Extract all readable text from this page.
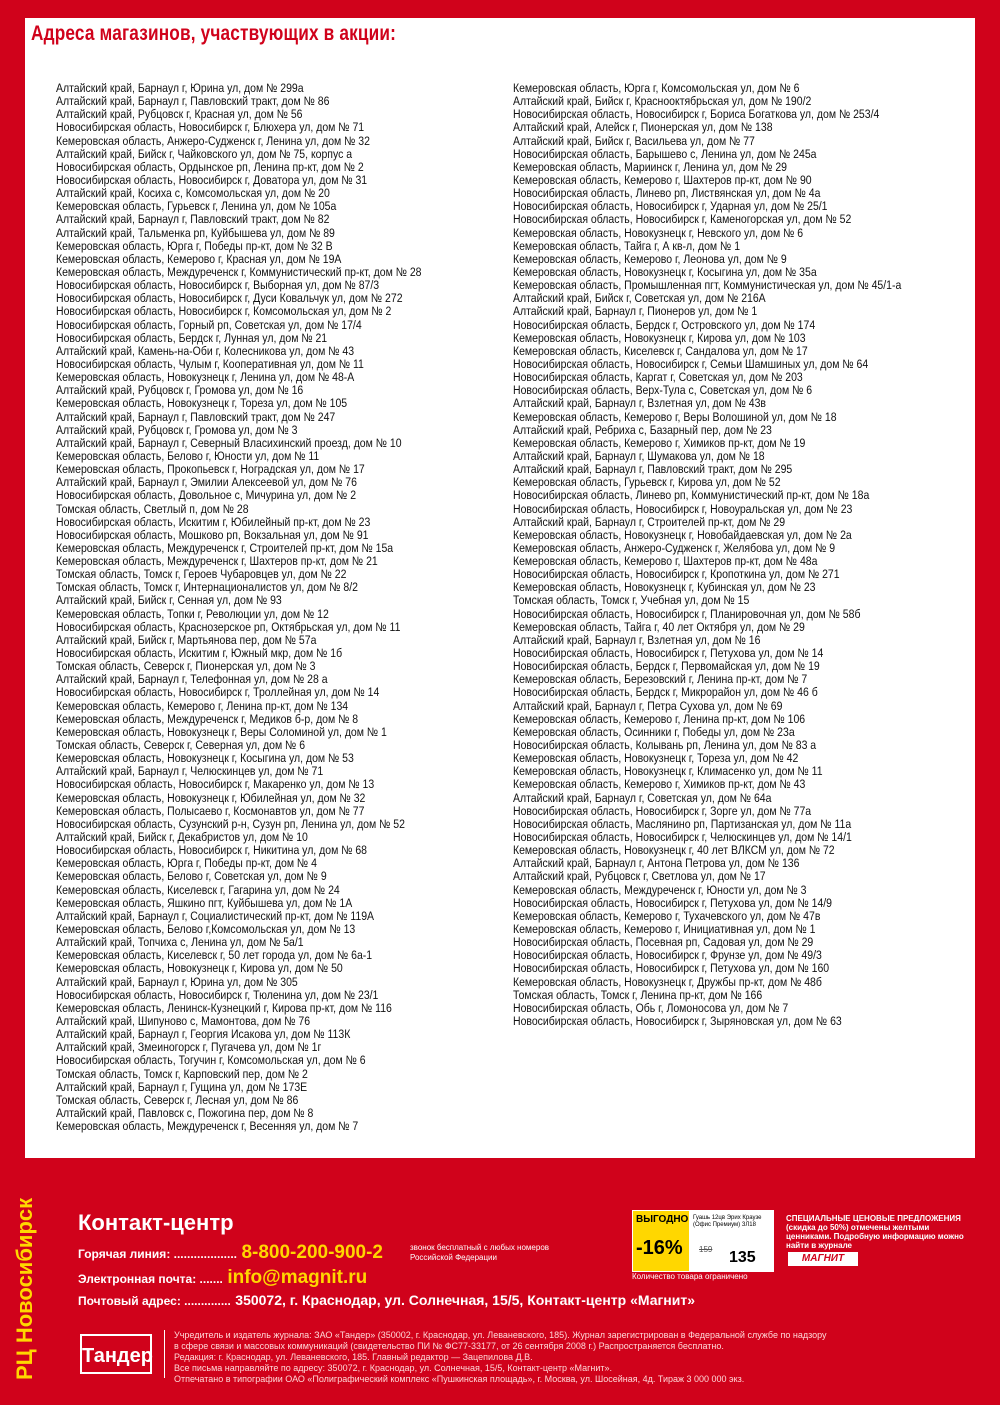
Адреса магазинов, участвующих в акции:
Алтайский край, Барнаул г, Юрина ул, дом № 299а
Алтайский край, Барнаул г, Павловский тракт, дом № 86
Алтайский край, Рубцовск г, Красная ул, дом № 56
Новосибирская область, Новосибирск г, Блюхера ул, дом № 71
Кемеровская область, Анжеро-Судженск г, Ленина ул, дом № 32
Алтайский край, Бийск г, Чайковского ул, дом № 75, корпус а
Новосибирская область, Ордынское рп, Ленина пр-кт, дом № 2
Новосибирская область, Новосибирск г, Доватора ул, дом № 31
Алтайский край, Косиха с, Комсомольская ул, дом № 20
Кемеровская область, Гурьевск г, Ленина ул, дом № 105а
Алтайский край, Барнаул г, Павловский тракт, дом № 82
Алтайский край, Тальменка рп, Куйбышева ул, дом № 89
Кемеровская область, Юрга г, Победы пр-кт, дом № 32 В
Кемеровская область, Кемерово г, Красная ул, дом № 19А
Кемеровская область, Междуреченск г, Коммунистический пр-кт, дом № 28
Новосибирская область, Новосибирск г, Выборная ул, дом № 87/3
Новосибирская область, Новосибирск г, Дуси Ковальчук ул, дом № 272
Новосибирская область, Новосибирск г, Комсомольская ул, дом № 2
Новосибирская область, Горный рп, Советская ул, дом № 17/4
Новосибирская область, Бердск г, Лунная ул, дом № 21
Алтайский край, Камень-на-Оби г, Колесникова ул, дом № 43
Новосибирская область, Чулым г, Кооперативная ул, дом № 11
Кемеровская область, Новокузнецк г, Ленина ул, дом № 48-А
Алтайский край, Рубцовск г, Громова ул, дом № 16
Кемеровская область, Новокузнецк г, Тореза ул, дом № 105
Алтайский край, Барнаул г, Павловский тракт, дом № 247
Алтайский край, Рубцовск г, Громова ул, дом № 3
Алтайский край, Барнаул г, Северный Власихинский проезд, дом № 10
Кемеровская область, Белово г, Юности ул, дом № 11
Кемеровская область, Прокопьевск г, Ноградская ул, дом № 17
Алтайский край, Барнаул г, Эмилии Алексеевой ул, дом № 76
Новосибирская область, Довольное с, Мичурина ул, дом № 2
Томская область, Светлый п, дом № 28
Новосибирская область, Искитим г, Юбилейный пр-кт, дом № 23
Новосибирская область, Мошково рп, Вокзальная ул, дом № 91
Кемеровская область, Междуреченск г, Строителей пр-кт, дом № 15а
Кемеровская область, Междуреченск г, Шахтеров пр-кт, дом № 21
Томская область, Томск г, Героев Чубаровцев ул, дом № 22
Томская область, Томск г, Интернационалистов ул, дом № 8/2
Алтайский край, Бийск г, Сенная ул, дом № 93
Кемеровская область, Топки г, Революции ул, дом № 12
Новосибирская область, Краснозерское рп, Октябрьская ул, дом № 11
Алтайский край, Бийск г, Мартьянова пер, дом № 57а
Новосибирская область, Искитим г, Южный мкр, дом № 1б
Томская область, Северск г, Пионерская ул, дом № 3
Алтайский край, Барнаул г, Телефонная ул, дом № 28 а
Новосибирская область, Новосибирск г, Троллейная ул, дом № 14
Кемеровская область, Кемерово г, Ленина пр-кт, дом № 134
Кемеровская область, Междуреченск г, Медиков б-р, дом № 8
Кемеровская область, Новокузнецк г, Веры Соломиной ул, дом № 1
Томская область, Северск г, Северная ул, дом № 6
Кемеровская область, Новокузнецк г, Косыгина ул, дом № 53
Алтайский край, Барнаул г, Челюскинцев ул, дом № 71
Новосибирская область, Новосибирск г, Макаренко ул, дом № 13
Кемеровская область, Новокузнецк г, Юбилейная ул, дом № 32
Кемеровская область, Полысаево г, Космонавтов ул, дом № 77
Новосибирская область, Сузунский р-н, Сузун рп, Ленина ул, дом № 52
Алтайский край, Бийск г, Декабристов ул, дом № 10
Новосибирская область, Новосибирск г, Никитина ул, дом № 68
Кемеровская область, Юрга г, Победы пр-кт, дом № 4
Кемеровская область, Белово г, Советская ул, дом № 9
Кемеровская область, Киселевск г, Гагарина ул, дом № 24
Кемеровская область, Яшкино пгт, Куйбышева ул, дом № 1А
Алтайский край, Барнаул г, Социалистический пр-кт, дом № 119А
Кемеровская область, Белово г,Комсомольская ул, дом № 13
Алтайский край, Топчиха с, Ленина ул, дом № 5а/1
Кемеровская область, Киселевск г, 50 лет города ул, дом № 6а-1
Кемеровская область, Новокузнецк г, Кирова ул, дом № 50
Алтайский край, Барнаул г, Юрина ул, дом № 305
Новосибирская область, Новосибирск г, Тюленина ул, дом № 23/1
Кемеровская область, Ленинск-Кузнецкий г, Кирова пр-кт, дом № 116
Алтайский край, Шипуново с, Мамонтова, дом № 76
Алтайский край, Барнаул г, Георгия Исакова ул, дом № 113К
Алтайский край, Змеиногорск г, Пугачева ул, дом № 1г
Новосибирская область, Тогучин г, Комсомольская ул, дом № 6
Томская область, Томск г, Карповский пер, дом № 2
Алтайский край, Барнаул г, Гущина ул, дом № 173Е
Томская область, Северск г, Лесная ул, дом № 86
Алтайский край, Павловск с, Пожогина пер, дом № 8
Кемеровская область, Междуреченск г, Весенняя ул, дом № 7
Кемеровская область, Юрга г, Комсомольская ул, дом № 6
Алтайский край, Бийск г, Краснооктябрьская ул, дом № 190/2
Новосибирская область, Новосибирск г, Бориса Богаткова ул, дом № 253/4
Алтайский край, Алейск г, Пионерская ул, дом № 138
Алтайский край, Бийск г, Васильева ул, дом № 77
Новосибирская область, Барышево с, Ленина ул, дом № 245а
Кемеровская область, Мариинск г, Ленина ул, дом № 29
Кемеровская область, Кемерово г, Шахтеров пр-кт, дом № 90
Новосибирская область, Линево рп, Листвянская ул, дом № 4а
Новосибирская область, Новосибирск г, Ударная ул, дом № 25/1
Новосибирская область, Новосибирск г, Каменогорская ул, дом № 52
Кемеровская область, Новокузнецк г, Невского ул, дом № 6
Кемеровская область, Тайга г, А кв-л, дом № 1
Кемеровская область, Кемерово г, Леонова ул, дом № 9
Кемеровская область, Новокузнецк г, Косыгина ул, дом № 35а
Кемеровская область, Промышленная пгт, Коммунистическая ул, дом № 45/1-а
Алтайский край, Бийск г, Советская ул, дом № 216А
Алтайский край, Барнаул г, Пионеров ул, дом № 1
Новосибирская область, Бердск г, Островского ул, дом № 174
Кемеровская область, Новокузнецк г, Кирова ул, дом № 103
Кемеровская область, Киселевск г, Сандалова ул, дом № 17
Новосибирская область, Новосибирск г, Семьи Шамшиных ул, дом № 64
Новосибирская область, Каргат г, Советская ул, дом № 203
Новосибирская область, Верх-Тула с, Советская ул, дом № 6
Алтайский край, Барнаул г, Взлетная ул, дом № 43в
Кемеровская область, Кемерово г, Веры Волошиной ул, дом № 18
Алтайский край, Ребриха с, Базарный пер, дом № 23
Кемеровская область, Кемерово г, Химиков пр-кт, дом № 19
Алтайский край, Барнаул г, Шумакова ул, дом № 18
Алтайский край, Барнаул г, Павловский тракт, дом № 295
Кемеровская область, Гурьевск г, Кирова ул, дом № 52
Новосибирская область, Линево рп, Коммунистический пр-кт, дом № 18а
Новосибирская область, Новосибирск г, Новоуральская ул, дом № 23
Алтайский край, Барнаул г, Строителей пр-кт, дом № 29
Кемеровская область, Новокузнецк г, Новобайдаевская ул, дом № 2а
Кемеровская область, Анжеро-Судженск г, Желябова ул, дом № 9
Кемеровская область, Кемерово г, Шахтеров пр-кт, дом № 48а
Новосибирская область, Новосибирск г, Кропоткина ул, дом № 271
Кемеровская область, Новокузнецк г, Кубинская ул, дом № 23
Томская область, Томск г, Учебная ул, дом № 15
Новосибирская область, Новосибирск г, Планировочная ул, дом № 58б
Кемеровская область, Тайга г, 40 лет Октября ул, дом № 29
Алтайский край, Барнаул г, Взлетная ул, дом № 16
Новосибирская область, Новосибирск г, Петухова ул, дом № 14
Новосибирская область, Бердск г, Первомайская ул, дом № 19
Кемеровская область, Березовский г, Ленина пр-кт, дом № 7
Новосибирская область, Бердск г, Микрорайон ул, дом № 46 б
Алтайский край, Барнаул г, Петра Сухова ул, дом № 69
Кемеровская область, Кемерово г, Ленина пр-кт, дом № 106
Кемеровская область, Осинники г, Победы ул, дом № 23а
Новосибирская область, Колывань рп, Ленина ул, дом № 83 а
Кемеровская область, Новокузнецк г, Тореза ул, дом № 42
Кемеровская область, Новокузнецк г, Климасенко ул, дом № 11
Кемеровская область, Кемерово г, Химиков пр-кт, дом № 43
Алтайский край, Барнаул г, Советская ул, дом № 64а
Новосибирская область, Новосибирск г, Зорге ул, дом № 77а
Новосибирская область, Маслянино рп, Партизанская ул, дом № 11а
Новосибирская область, Новосибирск г, Челюскинцев ул, дом № 14/1
Кемеровская область, Новокузнецк г, 40 лет ВЛКСМ ул, дом № 72
Алтайский край, Барнаул г, Антона Петрова ул, дом № 136
Алтайский край, Рубцовск г, Светлова ул, дом № 17
Кемеровская область, Междуреченск г, Юности ул, дом № 3
Новосибирская область, Новосибирск г, Петухова ул, дом № 14/9
Кемеровская область, Кемерово г, Тухачевского ул, дом № 47в
Кемеровская область, Кемерово г, Инициативная ул, дом № 1
Новосибирская область, Посевная рп, Садовая ул, дом № 29
Новосибирская область, Новосибирск г, Фрунзе ул, дом № 49/3
Новосибирская область, Новосибирск г, Петухова ул, дом № 160
Кемеровская область, Новокузнецк г, Дружбы пр-кт, дом № 48б
Томская область, Томск г, Ленина пр-кт, дом № 166
Новосибирская область, Обь г, Ломоносова ул, дом № 7
Новосибирская область, Новосибирск г, Зыряновская ул, дом № 63
РЦ Новосибирск Контакт-центр
Горячая линия: ................... 8-800-200-900-2	звонок бесплатный с любых номеров Российской Федерации
Электронная почта: ....... info@magnit.ru
Почтовый адрес: .............. 350072, г. Краснодар, ул. Солнечная, 15/5, Контакт-центр «Магнит»
ВЫГОДНО
-16%
Гуашь 12цв Эрих Краузе (Офис Премиум) ЗЛ18
159 135
Количество товара ограничено
СПЕЦИАЛЬНЫЕ ЦЕНОВЫЕ ПРЕДЛОЖЕНИЯ (скидка до 50%) отмечены желтыми ценниками. Подробную информацию можно найти в журнале
МАГНИТ
Тандер
Учредитель и издатель журнала: ЗАО «Тандер» (350002, г. Краснодар, ул. Леваневского, 185). Журнал зарегистрирован в Федеральной службе по надзору
в сфере связи и массовых коммуникаций (свидетельство ПИ № ФС77-33177, от 26 сентября 2008 г.) Распространяется бесплатно.
Редакция: г. Краснодар, ул. Леваневского, 185. Главный редактор — Зацепилова Д.В.
Все письма направляйте по адресу: 350072, г. Краснодар, ул. Солнечная, 15/5, Контакт-центр «Магнит».
Отпечатано в типографии ОАО «Полиграфический комплекс «Пушкинская площадь», г. Москва, ул. Шосейная, 4д. Тираж 3 000 000 экз.
